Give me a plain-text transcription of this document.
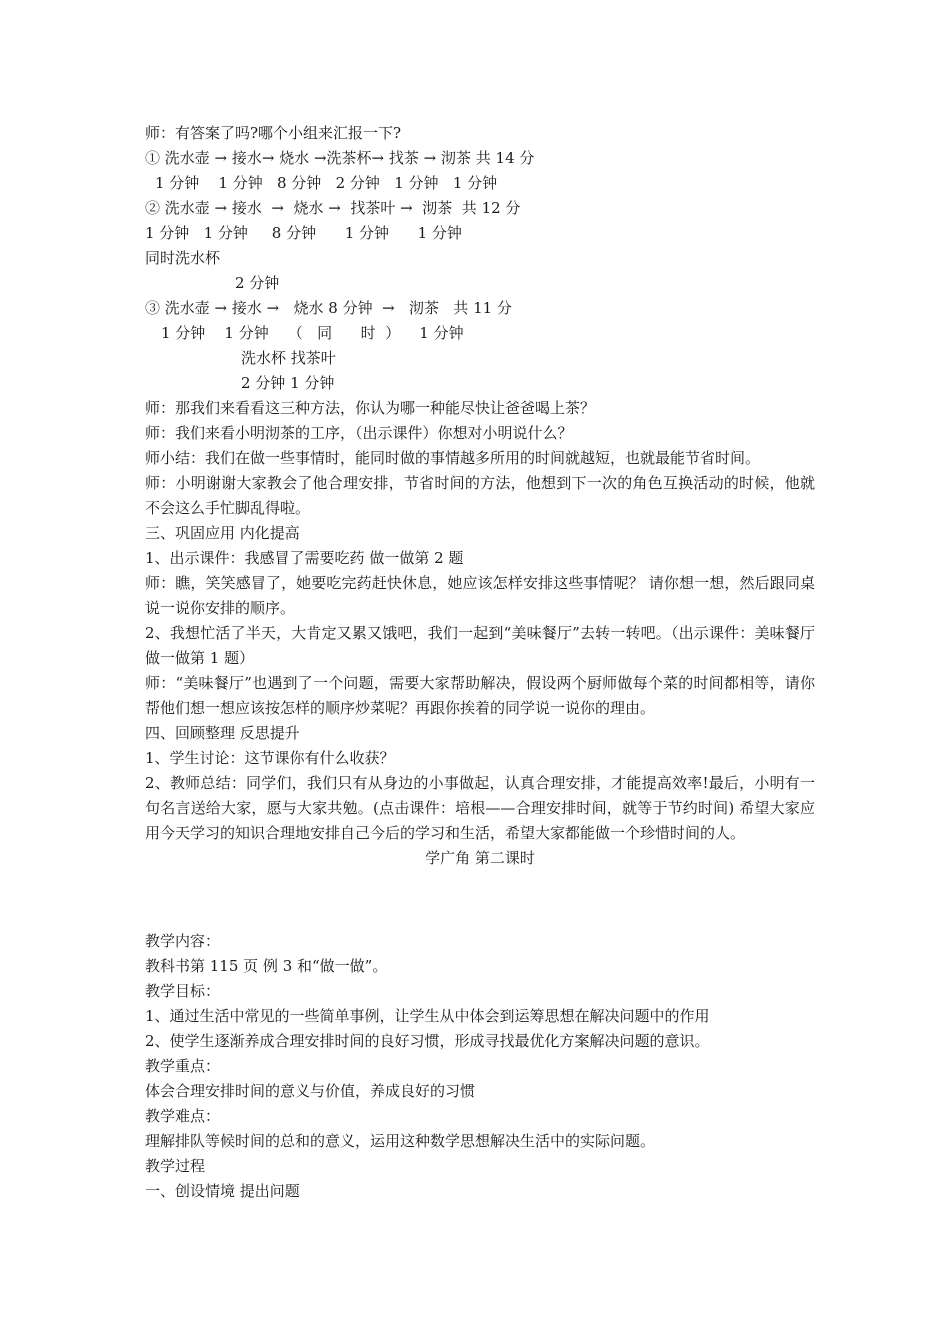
师：有答案了吗?哪个小组来汇报一下?
① 洗水壶 → 接水→ 烧水 →洗茶杯→ 找茶 → 沏茶 共 14 分
1 分钟    1 分钟   8 分钟   2 分钟   1 分钟   1 分钟
② 洗水壶 → 接水  →  烧水 →  找茶叶 →  沏茶  共 12 分
1 分钟   1 分钟     8 分钟      1 分钟      1 分钟
同时洗水杯
2 分钟
③ 洗水壶 → 接水 →   烧水 8 分钟  →   沏茶   共 11 分
1 分钟    1 分钟    （   同      时  ）    1 分钟
洗水杯 找茶叶
2 分钟 1 分钟
师：那我们来看看这三种方法，你认为哪一种能尽快让爸爸喝上茶？
师：我们来看小明沏茶的工序，（出示课件）你想对小明说什么？
师小结：我们在做一些事情时，能同时做的事情越多所用的时间就越短，也就最能节省时间。
师：小明谢谢大家教会了他合理安排，节省时间的方法，他想到下一次的角色互换活动的时候，他就不会这么手忙脚乱得啦。
三、巩固应用 内化提高
1、出示课件：我感冒了需要吃药 做一做第 2 题
师：瞧，笑笑感冒了，她要吃完药赶快休息，她应该怎样安排这些事情呢？ 请你想一想，然后跟同桌说一说你安排的顺序。
2、我想忙活了半天，大肯定又累又饿吧，我们一起到“美味餐厅”去转一转吧。（出示课件：美味餐厅 做一做第 1 题）
师：“美味餐厅”也遇到了一个问题，需要大家帮助解决，假设两个厨师做每个菜的时间都相等，请你帮他们想一想应该按怎样的顺序炒菜呢？再跟你挨着的同学说一说你的理由。
四、回顾整理 反思提升
1、学生讨论：这节课你有什么收获？
2、教师总结：同学们，我们只有从身边的小事做起，认真合理安排，才能提高效率!最后，小明有一句名言送给大家，愿与大家共勉。(点击课件：培根——合理安排时间，就等于节约时间) 希望大家应用今天学习的知识合理地安排自己今后的学习和生活，希望大家都能做一个珍惜时间的人。
学广角 第二课时
教学内容：
教科书第 115 页 例 3 和“做一做”。
教学目标：
1、通过生活中常见的一些简单事例，让学生从中体会到运筹思想在解决问题中的作用
2、使学生逐渐养成合理安排时间的良好习惯，形成寻找最优化方案解决问题的意识。
教学重点：
体会合理安排时间的意义与价值，养成良好的习惯
教学难点：
理解排队等候时间的总和的意义，运用这种数学思想解决生活中的实际问题。
教学过程
一、创设情境 提出问题
